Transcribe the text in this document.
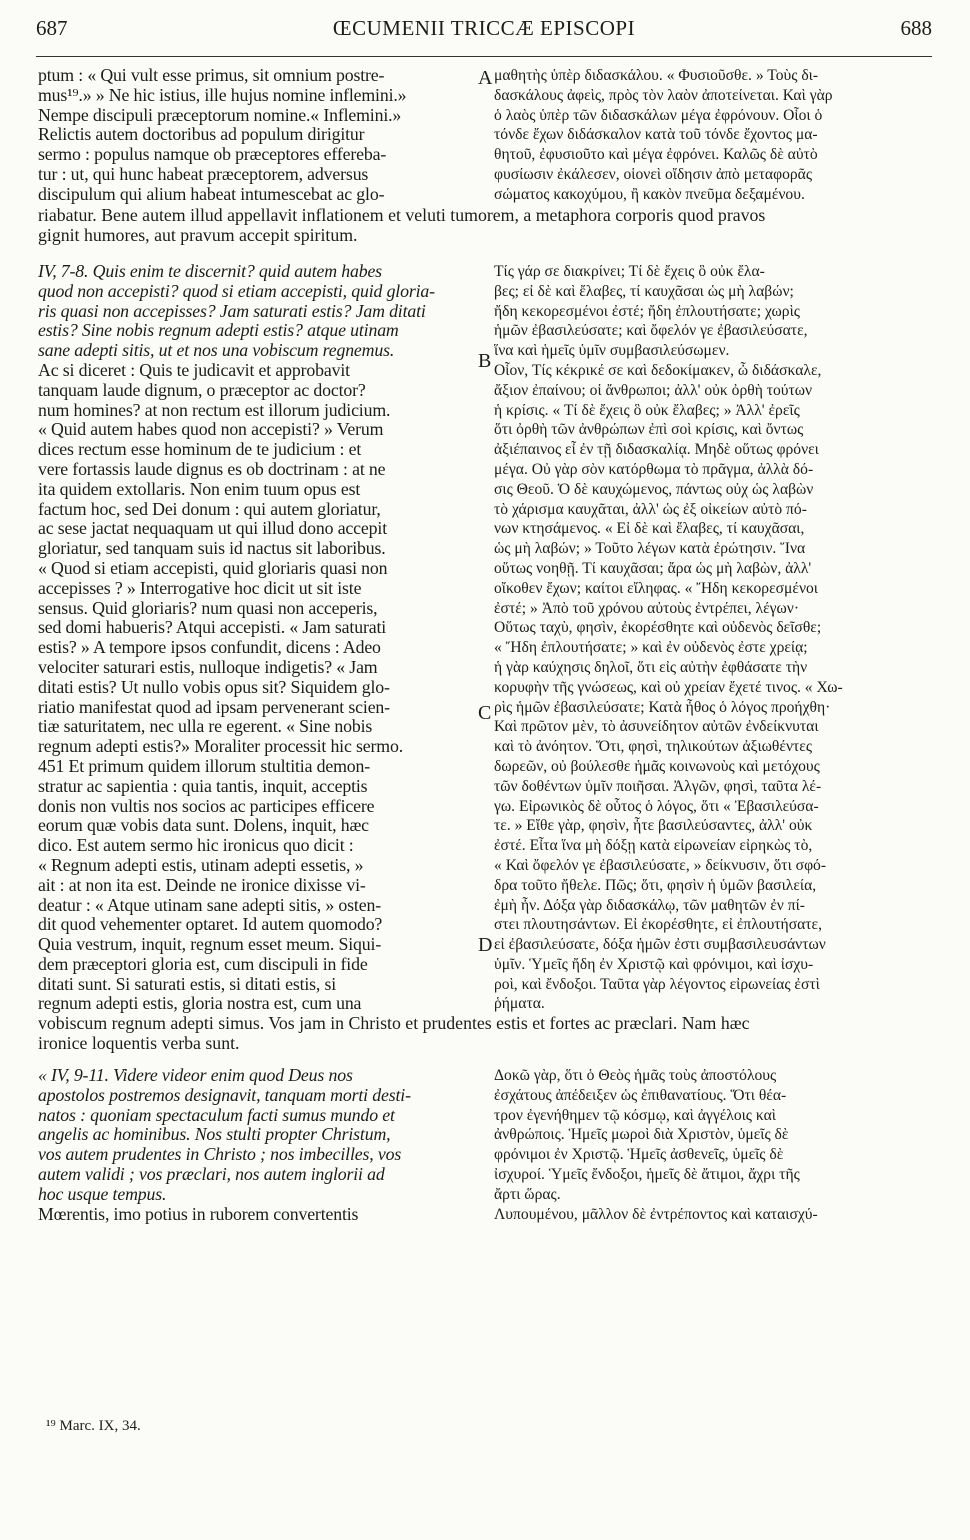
687	ŒCUMENII TRICCÆ EPISCOPI	688
ptum : « Qui vult esse primus, sit omnium postre-
mus¹⁹.» » Ne hic istius, ille hujus nomine inflemini.»
Nempe discipuli præceptorum nomine.« Inflemini.»
Relictis autem doctoribus ad populum dirigitur
sermo : populus namque ob præceptores efferebа-
tur : ut, qui hunc habeat præceptorem, adversus
discipulum qui alium habeat intumescebat ac glo-
μαθητὴς ὑπὲρ διδασκάλου. « Φυσιοῦσθε. » Τοὺς δι-
δασκάλους ἀφεὶς, πρὸς τὸν λαὸν ἀποτείνεται. Καὶ γὰρ
ὁ λαὸς ὑπὲρ τῶν διδασκάλων μέγα ἐφρόνουν. Οἷοι ὁ
τόνδε ἔχων διδάσκαλον κατὰ τοῦ τόνδε ἔχοντος μα-
θητοῦ, ἐφυσιοῦτο καὶ μέγα ἐφρόνει. Καλῶς δὲ αὐτὸ
φυσίωσιν ἐκάλεσεν, οἱονεὶ οἴδησιν ἀπὸ μεταφορᾶς
σώματος κακοχύμου, ἢ κακὸν πνεῦμα δεξαμένου.
riabatur. Bene autem illud appellavit inflationem et veluti tumorem, a metaphora corporis quod pravos
gignit humores, aut pravum accepit spiritum.
IV, 7-8. Quis enim te discernit? quid autem habes
quod non accepisti? quod si etiam accepisti, quid gloria-
ris quasi non accepisses? Jam saturati estis? Jam ditati
estis? Sine nobis regnum adepti estis? atque utinam
sane adepti sitis, ut et nos una vobiscum regnemus.
Ac si diceret : Quis te judicavit et approbavit
tanquam laude dignum, o præceptor ac doctor?
num homines? at non rectum est illorum judicium.
« Quid autem habes quod non accepisti? » Verum
dices rectum esse hominum de te judicium : et
vere fortassis laude dignus es ob doctrinam : at ne
ita quidem extollaris. Non enim tuum opus est
factum hoc, sed Dei donum : qui autem gloriatur,
ac sese jactat nequaquam ut qui illud dono accepit
gloriatur, sed tanquam suis id nactus sit laboribus.
« Quod si etiam accepisti, quid gloriaris quasi non
accepisses ? » Interrogative hoc dicit ut sit iste
sensus. Quid gloriaris? num quasi non acceperis,
sed domi habueris? Atqui accepisti. « Jam saturati
estis? » A tempore ipsos confundit, dicens : Adeo
velociter saturari estis, nulloque indigetis? « Jam
ditati estis? Ut nullo vobis opus sit? Siquidem glo-
riatio manifestat quod ad ipsam pervenerant scien-
tiæ saturitatem, nec ulla re egerent. « Sine nobis
regnum adepti estis?» Moraliter processit hic sermo.
451 Et primum quidem illorum stultitia demon-
stratur ac sapientia : quia tantis, inquit, acceptis
donis non vultis nos socios ac participes efficere
eorum quæ vobis data sunt. Dolens, inquit, hæc
dico. Est autem sermo hic ironicus quo dicit :
« Regnum adepti estis, utinam adepti essetis, »
ait : at non ita est. Deinde ne ironice dixisse vi-
deatur : « Atque utinam sane adepti sitis, » osten-
dit quod vehementer optaret. Id autem quomodo?
Quia vestrum, inquit, regnum esset meum. Siqui-
dem præceptori gloria est, cum discipuli in fide
ditati sunt. Si saturati estis, si ditati estis, si
regnum adepti estis, gloria nostra est, cum una
Τίς γάρ σε διακρίνει; Τί δὲ ἔχεις ὃ οὐκ ἔλα-
βες; εἰ δὲ καὶ ἔλαβες, τί καυχᾶσαι ὡς μὴ λαβών;
ἤδη κεκορεσμένοι ἐστέ; ἤδη ἐπλουτήσατε; χωρὶς
ἡμῶν ἐβασιλεύσατε; καὶ ὄφελόν γε ἐβασιλεύσατε,
ἵνα καὶ ἡμεῖς ὑμῖν συμβασιλεύσωμεν.
Οἷον, Τίς κέκρικέ σε καὶ δεδοκίμακεν, ὦ διδάσκαλε,
ἄξιον ἐπαίνου; οἱ ἄνθρωποι; ἀλλ' οὐκ ὀρθὴ τούτων
ἡ κρίσις. « Τί δὲ ἔχεις ὃ οὐκ ἔλαβες; » Ἀλλ' ἐρεῖς
ὅτι ὀρθὴ τῶν ἀνθρώπων ἐπὶ σοὶ κρίσις, καὶ ὄντως
ἀξιέπαινος εἶ ἐν τῇ διδασκαλίᾳ. Μηδὲ οὕτως φρόνει
μέγα. Οὐ γὰρ σὸν κατόρθωμα τὸ πρᾶγμα, ἀλλὰ δό-
σις Θεοῦ. Ὁ δὲ καυχώμενος, πάντως οὐχ ὡς λαβὼν
τὸ χάρισμα καυχᾶται, ἀλλ' ὡς ἐξ οἰκείων αὐτὸ πό-
νων κτησάμενος. « Εἰ δὲ καὶ ἔλαβες, τί καυχᾶσαι,
ὡς μὴ λαβών; » Τοῦτο λέγων κατὰ ἐρώτησιν. Ἵνα
οὕτως νοηθῇ. Τί καυχᾶσαι; ἄρα ὡς μὴ λαβὼν, ἀλλ'
οἴκοθεν ἔχων; καίτοι εἴληφας. « Ἤδη κεκορεσμένοι
ἐστέ; » Ἀπὸ τοῦ χρόνου αὐτοὺς ἐντρέπει, λέγων·
Οὕτως ταχὺ, φησὶν, ἐκορέσθητε καὶ οὐδενὸς δεῖσθε;
« Ἤδη ἐπλουτήσατε; » καὶ ἐν οὐδενὸς ἐστε χρείᾳ;
ἡ γὰρ καύχησις δηλοῖ, ὅτι εἰς αὐτὴν ἐφθάσατε τὴν
κορυφὴν τῆς γνώσεως, καὶ οὐ χρείαν ἔχετέ τινος. « Χω-
ρὶς ἡμῶν ἐβασιλεύσατε; Κατὰ ἦθος ὁ λόγος προήχθη·
Καὶ πρῶτον μὲν, τὸ ἀσυνείδητον αὐτῶν ἐνδείκνυται
καὶ τὸ ἀνόητον. Ὅτι, φησὶ, τηλικούτων ἀξιωθέντες
δωρεῶν, οὐ βούλεσθε ἡμᾶς κοινωνοὺς καὶ μετόχους
τῶν δοθέντων ὑμῖν ποιῆσαι. Ἀλγῶν, φησὶ, ταῦτα λέ-
γω. Εἰρωνικὸς δὲ οὗτος ὁ λόγος, ὅτι « Ἐβασιλεύσα-
τε. » Εἴθε γὰρ, φησὶν, ἦτε βασιλεύσαντες, ἀλλ' οὐκ
ἐστέ. Εἶτα ἵνα μὴ δόξῃ κατὰ εἰρωνείαν εἰρηκὼς τὸ,
« Καὶ ὄφελόν γε ἐβασιλεύσατε, » δείκνυσιν, ὅτι σφό-
δρα τοῦτο ἤθελε. Πῶς; ὅτι, φησὶν ἡ ὑμῶν βασιλεία,
ἐμὴ ἦν. Δόξα γὰρ διδασκάλῳ, τῶν μαθητῶν ἐν πί-
στει πλουτησάντων. Εἰ ἐκορέσθητε, εἰ ἐπλουτήσατε,
εἰ ἐβασιλεύσατε, δόξα ἡμῶν ἐστι συμβασιλευσάντων
ὑμῖν. Ὑμεῖς ἤδη ἐν Χριστῷ καὶ φρόνιμοι, καὶ ἰσχυ-
ροὶ, καὶ ἔνδοξοι. Ταῦτα γὰρ λέγοντος εἰρωνείας ἐστὶ
ῥήματα.
vobiscum regnum adepti simus. Vos jam in Christo et prudentes estis et fortes ac præclari. Nam hæc
ironice loquentis verba sunt.
« IV, 9-11. Videre videor enim quod Deus nos
apostolos postremos designavit, tanquam morti desti-
natos : quoniam spectaculum facti sumus mundo et
angelis ac hominibus. Nos stulti propter Christum,
vos autem prudentes in Christo ; nos imbecilles, vos
autem validi ; vos præclari, nos autem inglorii ad
hoc usque tempus.
Mœrentis, imo potius in ruborem convertentis
Δοκῶ γὰρ, ὅτι ὁ Θεὸς ἡμᾶς τοὺς ἀποστόλους
ἐσχάτους ἀπέδειξεν ὡς ἐπιθανατίους. Ὅτι θέα-
τρον ἐγενήθημεν τῷ κόσμῳ, καὶ ἀγγέλοις καὶ
ἀνθρώποις. Ἡμεῖς μωροὶ διὰ Χριστὸν, ὑμεῖς δὲ
φρόνιμοι ἐν Χριστῷ. Ἡμεῖς ἀσθενεῖς, ὑμεῖς δὲ
ἰσχυροί. Ὑμεῖς ἔνδοξοι, ἡμεῖς δὲ ἄτιμοι, ἄχρι τῆς
ἄρτι ὥρας.
Λυπουμένου, μᾶλλον δὲ ἐντρέποντος καὶ καταισχύ-
A
B
C
D
¹⁹ Marc. IX, 34.
